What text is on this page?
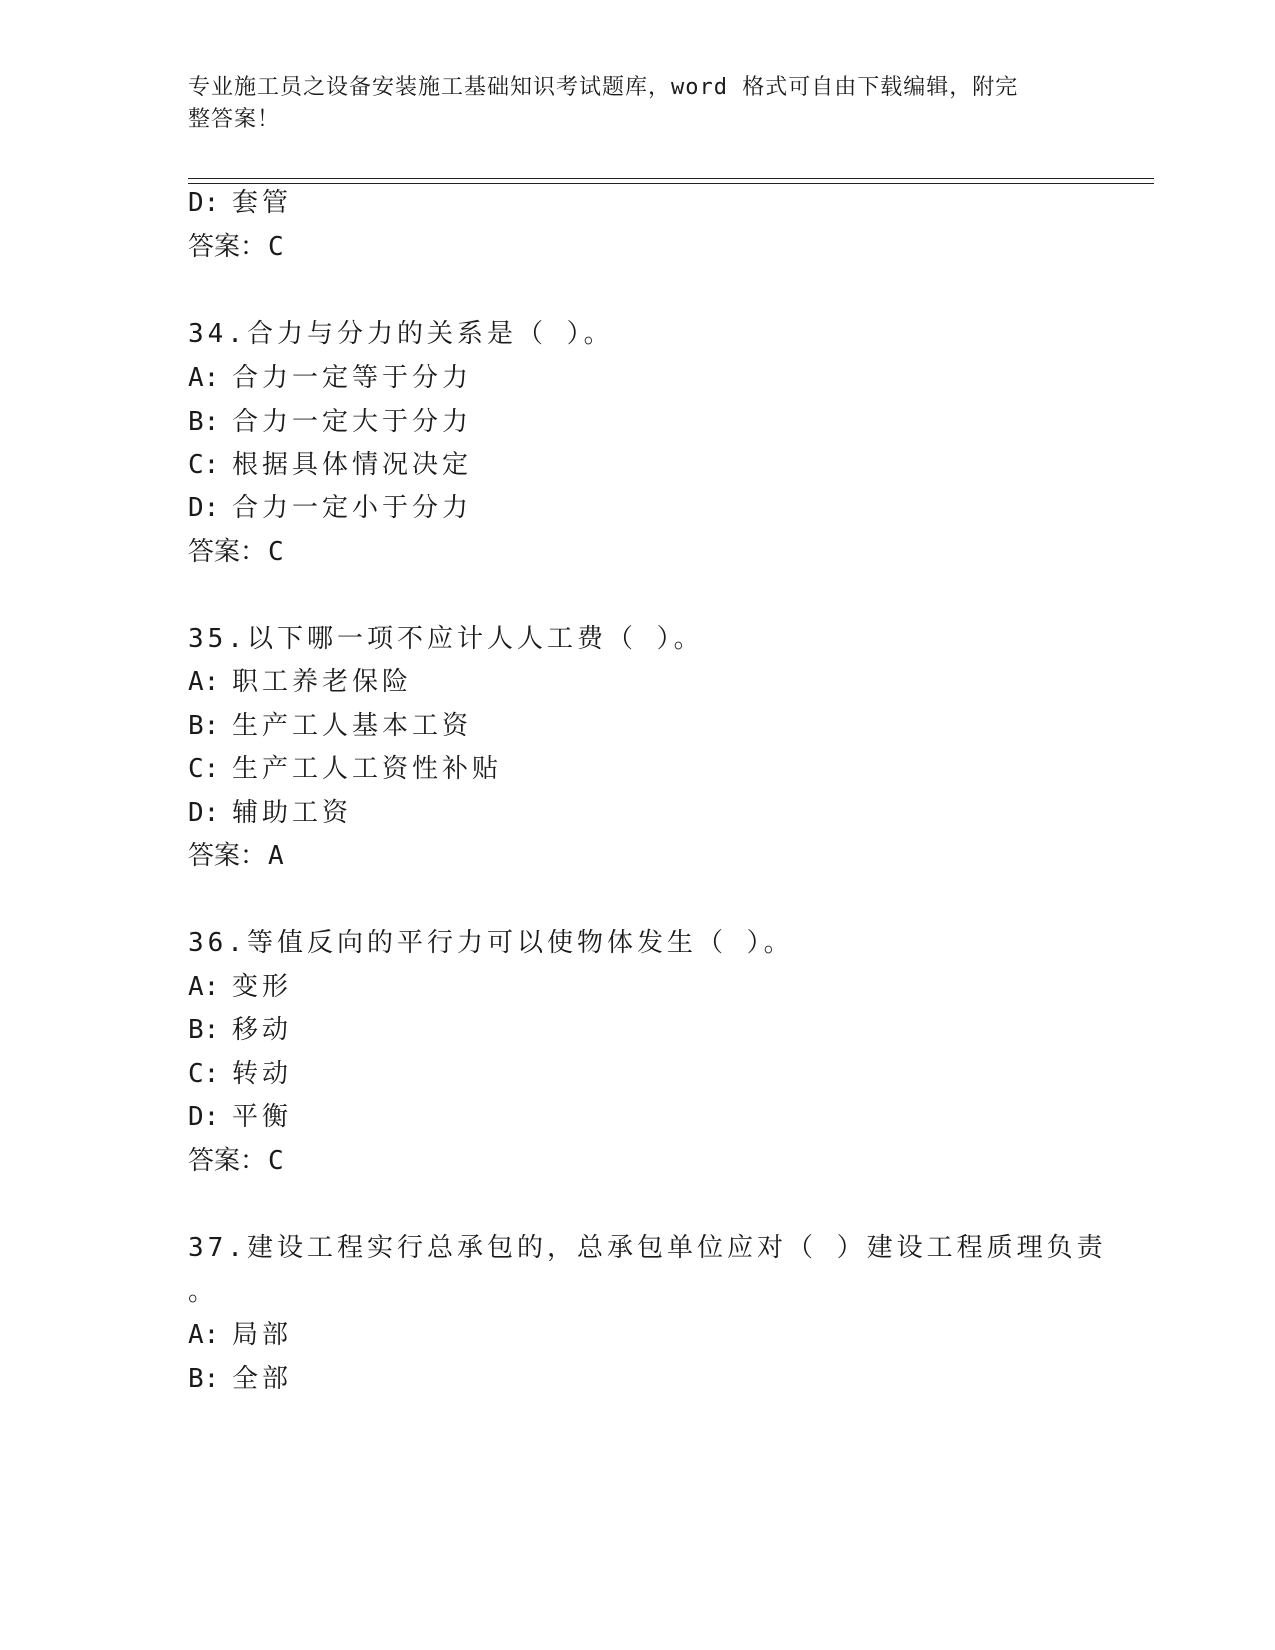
专业施工员之设备安装施工基础知识考试题库，word 格式可自由下载编辑，附完
整答案！
D: 套管
答案：C
34.合力与分力的关系是（ ）。
A: 合力一定等于分力
B: 合力一定大于分力
C: 根据具体情况决定
D: 合力一定小于分力
答案：C
35.以下哪一项不应计人人工费（ ）。
A: 职工养老保险
B: 生产工人基本工资
C: 生产工人工资性补贴
D: 辅助工资
答案：A
36.等值反向的平行力可以使物体发生（ ）。
A: 变形
B: 移动
C: 转动
D: 平衡
答案：C
37.建设工程实行总承包的，总承包单位应对（ ）建设工程质理负责
。
A: 局部
B: 全部
